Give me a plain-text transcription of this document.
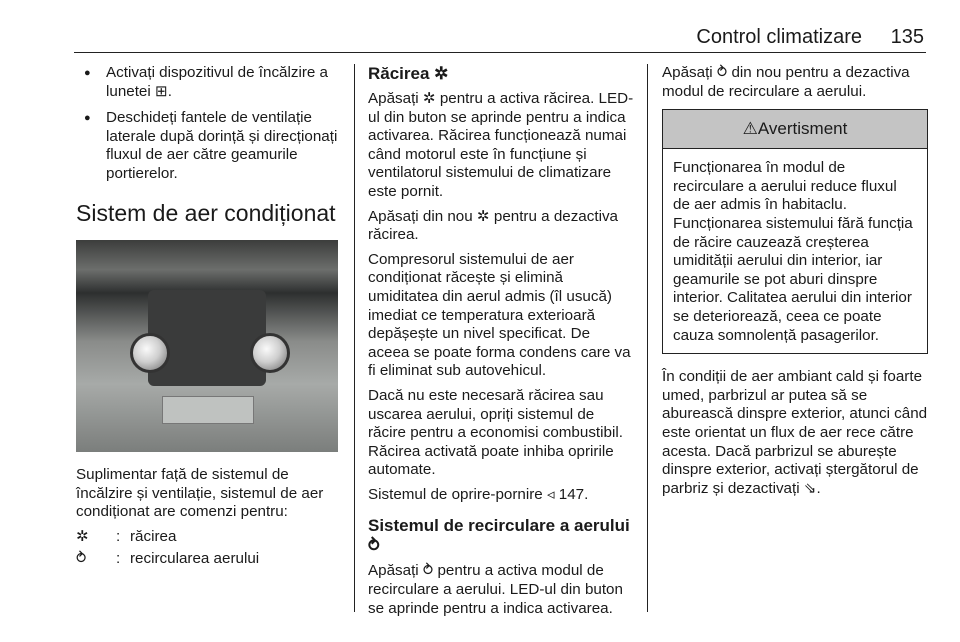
Control climatizare 135
● Activați dispozitivul de încălzire a lunetei ⊞.
● Deschideți fantele de ventilație laterale după dorință și direcționați fluxul de aer către geamurile portierelor.
Sistem de aer condiționat

Suplimentar față de sistemul de încălzire și ventilație, sistemul de aer condiționat are comenzi pentru:

✲	: răcirea
⥁	: recircularea aerului
Răcirea ✲

Apăsați ✲ pentru a activa răcirea. LED-ul din buton se aprinde pentru a indica activarea. Răcirea funcționează numai când motorul este în funcțiune și ventilatorul sistemului de climatizare este pornit.

Apăsați din nou ✲ pentru a dezactiva răcirea.

Compresorul sistemului de aer condiționat răcește și elimină umiditatea din aerul admis (îl usucă) imediat ce temperatura exterioară depășește un nivel specificat. De aceea se poate forma condens care va fi eliminat sub autovehicul.

Dacă nu este necesară răcirea sau uscarea aerului, opriți sistemul de răcire pentru a economisi combustibil. Răcirea activată poate inhiba opririle automate.

Sistemul de oprire-pornire ◃ 147.

Sistemul de recirculare a aerului ⥁

Apăsați ⥁ pentru a activa modul de recirculare a aerului. LED-ul din buton se aprinde pentru a indica activarea.

Apăsați ⥁ din nou pentru a dezactiva modul de recirculare a aerului.

⚠Avertisment
Funcționarea în modul de recirculare a aerului reduce fluxul de aer admis în habitaclu. Funcționarea sistemului fără funcția de răcire cauzează creșterea umidității aerului din interior, iar geamurile se pot aburi dinspre interior. Calitatea aerului din interior se deteriorează, ceea ce poate cauza somnolență pasagerilor.

În condiții de aer ambiant cald și foarte umed, parbrizul ar putea să se aburească dinspre exterior, atunci când este orientat un flux de aer rece către acesta. Dacă parbrizul se aburește dinspre exterior, activați ștergătorul de parbriz și dezactivați ⇘.
